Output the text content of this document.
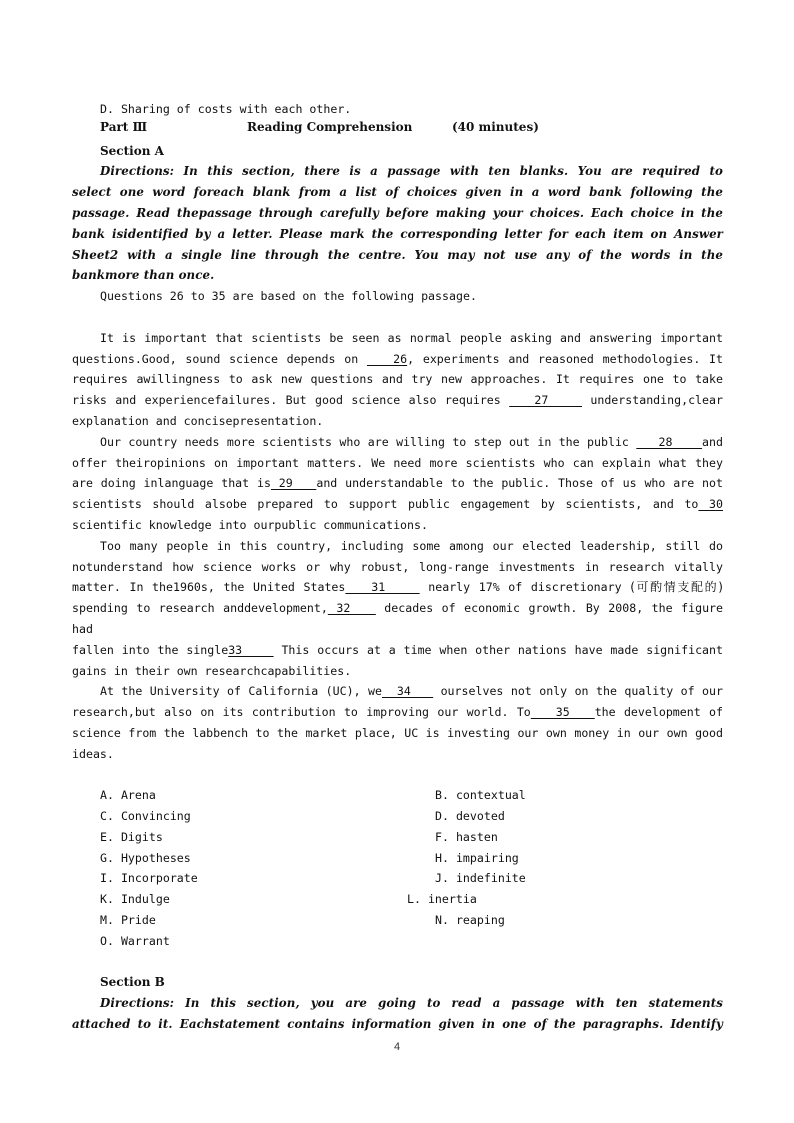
D. Sharing of costs with each other.
Part Ⅲ	Reading Comprehension	(40 minutes)
Section A
Directions: In this section, there is a passage with ten blanks. You are required to
select one word foreach blank from a list of choices given in a word bank following the
passage. Read thepassage through carefully before making your choices. Each choice in the
bank isidentified by a letter. Please mark the corresponding letter for each item on Answer
Sheet2 with a single line through the centre. You may not use any of the words in the
bankmore than once.
Questions 26 to 35 are based on the following passage.
It is important that scientists be seen as normal people asking and answering important
questions.Good, sound science depends on    26, experiments and reasoned methodologies. It
requires awillingness to ask new questions and try new approaches. It requires one to take
risks and experiencefailures. But good science also requires    27     understanding,clear
explanation and concisepresentation.
Our country needs more scientists who are willing to step out in the public    28    and
offer theiropinions on important matters. We need more scientists who can explain what they
are doing inlanguage that is 29   and understandable to the public. Those of us who are not
scientists should alsobe prepared to support public engagement by scientists, and to 30
scientific knowledge into ourpublic communications.
Too many people in this country, including some among our elected leadership, still do
notunderstand how science works or why robust, long-range investments in research vitally
matter. In the1960s, the United States   31     nearly 17% of discretionary (可酌情支配的)
spending to research anddevelopment, 32    decades of economic growth. By 2008, the figure had
fallen into the single33     This occurs at a time when other nations have made significant
gains in their own researchcapabilities.
At the University of California (UC), we  34    ourselves not only on the quality of our
research,but also on its contribution to improving our world. To   35   the development of
science from the labbench to the market place, UC is investing our own money in our own good
ideas.
A. Arena	B. contextual
C. Convincing	D. devoted
E. Digits	F. hasten
G. Hypotheses	H. impairing
I. Incorporate	J. indefinite
K. Indulge	L. inertia
M. Pride	N. reaping
O. Warrant
Section B
Directions: In this section, you are going to read a passage with ten statements
attached to it. Eachstatement contains information given in one of the paragraphs. Identify
4
